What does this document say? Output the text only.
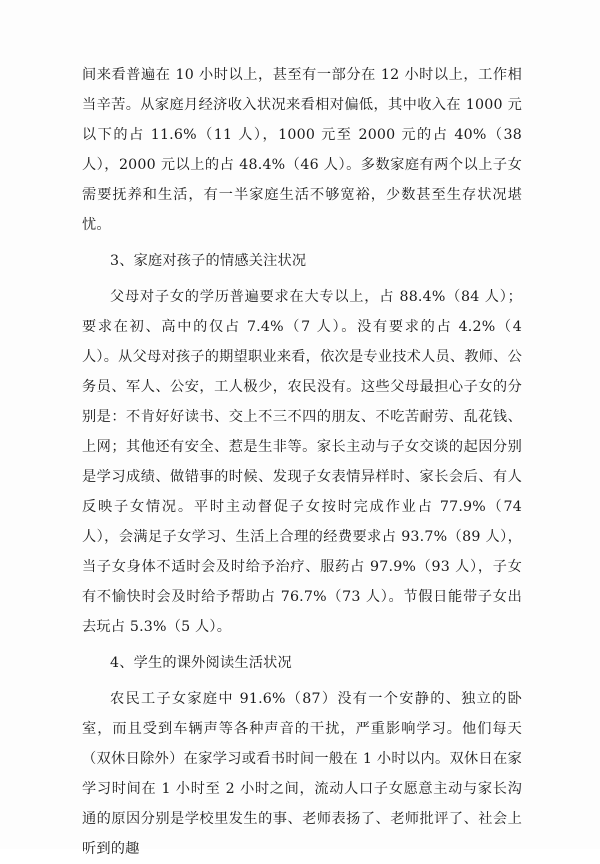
间来看普遍在 10 小时以上，甚至有一部分在 12 小时以上，工作相当辛苦。从家庭月经济收入状况来看相对偏低，其中收入在 1000 元以下的占 11.6%（11 人），1000 元至 2000 元的占 40%（38 人），2000 元以上的占 48.4%（46 人）。多数家庭有两个以上子女需要抚养和生活，有一半家庭生活不够宽裕，少数甚至生存状况堪忧。

3、家庭对孩子的情感关注状况

父母对子女的学历普遍要求在大专以上，占 88.4%（84 人）；要求在初、高中的仅占 7.4%（7 人）。没有要求的占 4.2%（4 人）。从父母对孩子的期望职业来看，依次是专业技术人员、教师、公务员、军人、公安，工人极少，农民没有。这些父母最担心子女的分别是：不肯好好读书、交上不三不四的朋友、不吃苦耐劳、乱花钱、上网；其他还有安全、惹是生非等。家长主动与子女交谈的起因分别是学习成绩、做错事的时候、发现子女表情异样时、家长会后、有人反映子女情况。平时主动督促子女按时完成作业占 77.9%（74 人），会满足子女学习、生活上合理的经费要求占 93.7%（89 人），当子女身体不适时会及时给予治疗、服药占 97.9%（93 人），子女有不愉快时会及时给予帮助占 76.7%（73 人）。节假日能带子女出去玩占 5.3%（5 人）。

4、学生的课外阅读生活状况

农民工子女家庭中 91.6%（87）没有一个安静的、独立的卧室，而且受到车辆声等各种声音的干扰，严重影响学习。他们每天（双休日除外）在家学习或看书时间一般在 1 小时以内。双休日在家学习时间在 1 小时至 2 小时之间，流动人口子女愿意主动与家长沟通的原因分别是学校里发生的事、老师表扬了、老师批评了、社会上听到的趣
